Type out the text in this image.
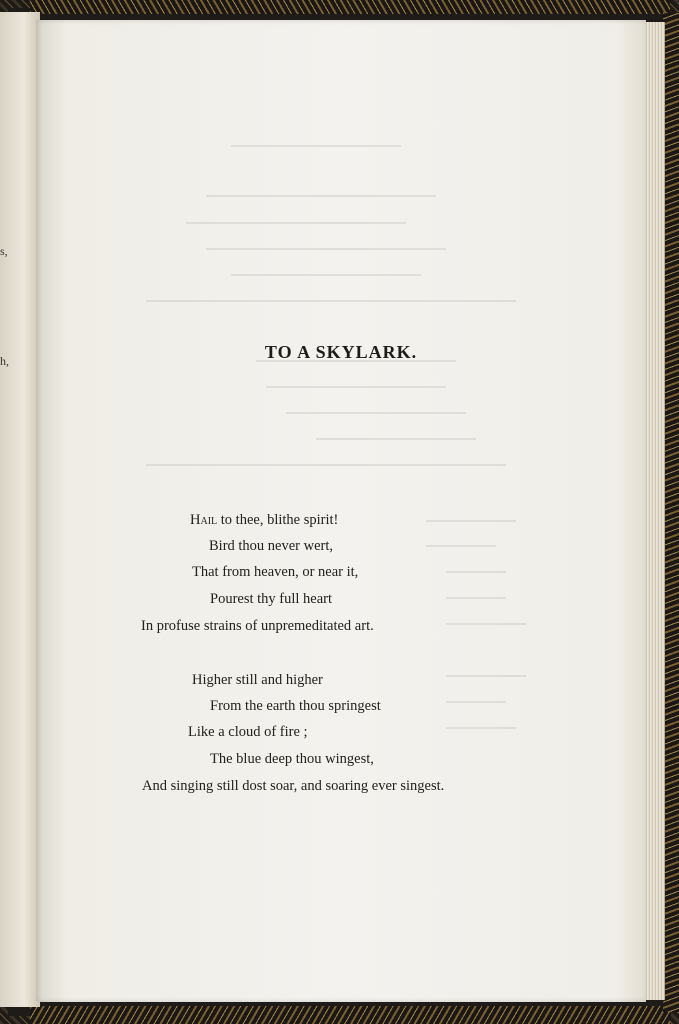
s,
h,	TO A SKYLARK.
Hail to thee, blithe spirit!
Bird thou never wert,
That from heaven, or near it,
Pourest thy full heart
In profuse strains of unpremeditated art.
Higher still and higher
From the earth thou springest
Like a cloud of fire ;
The blue deep thou wingest,
And singing still dost soar, and soaring ever singest.
